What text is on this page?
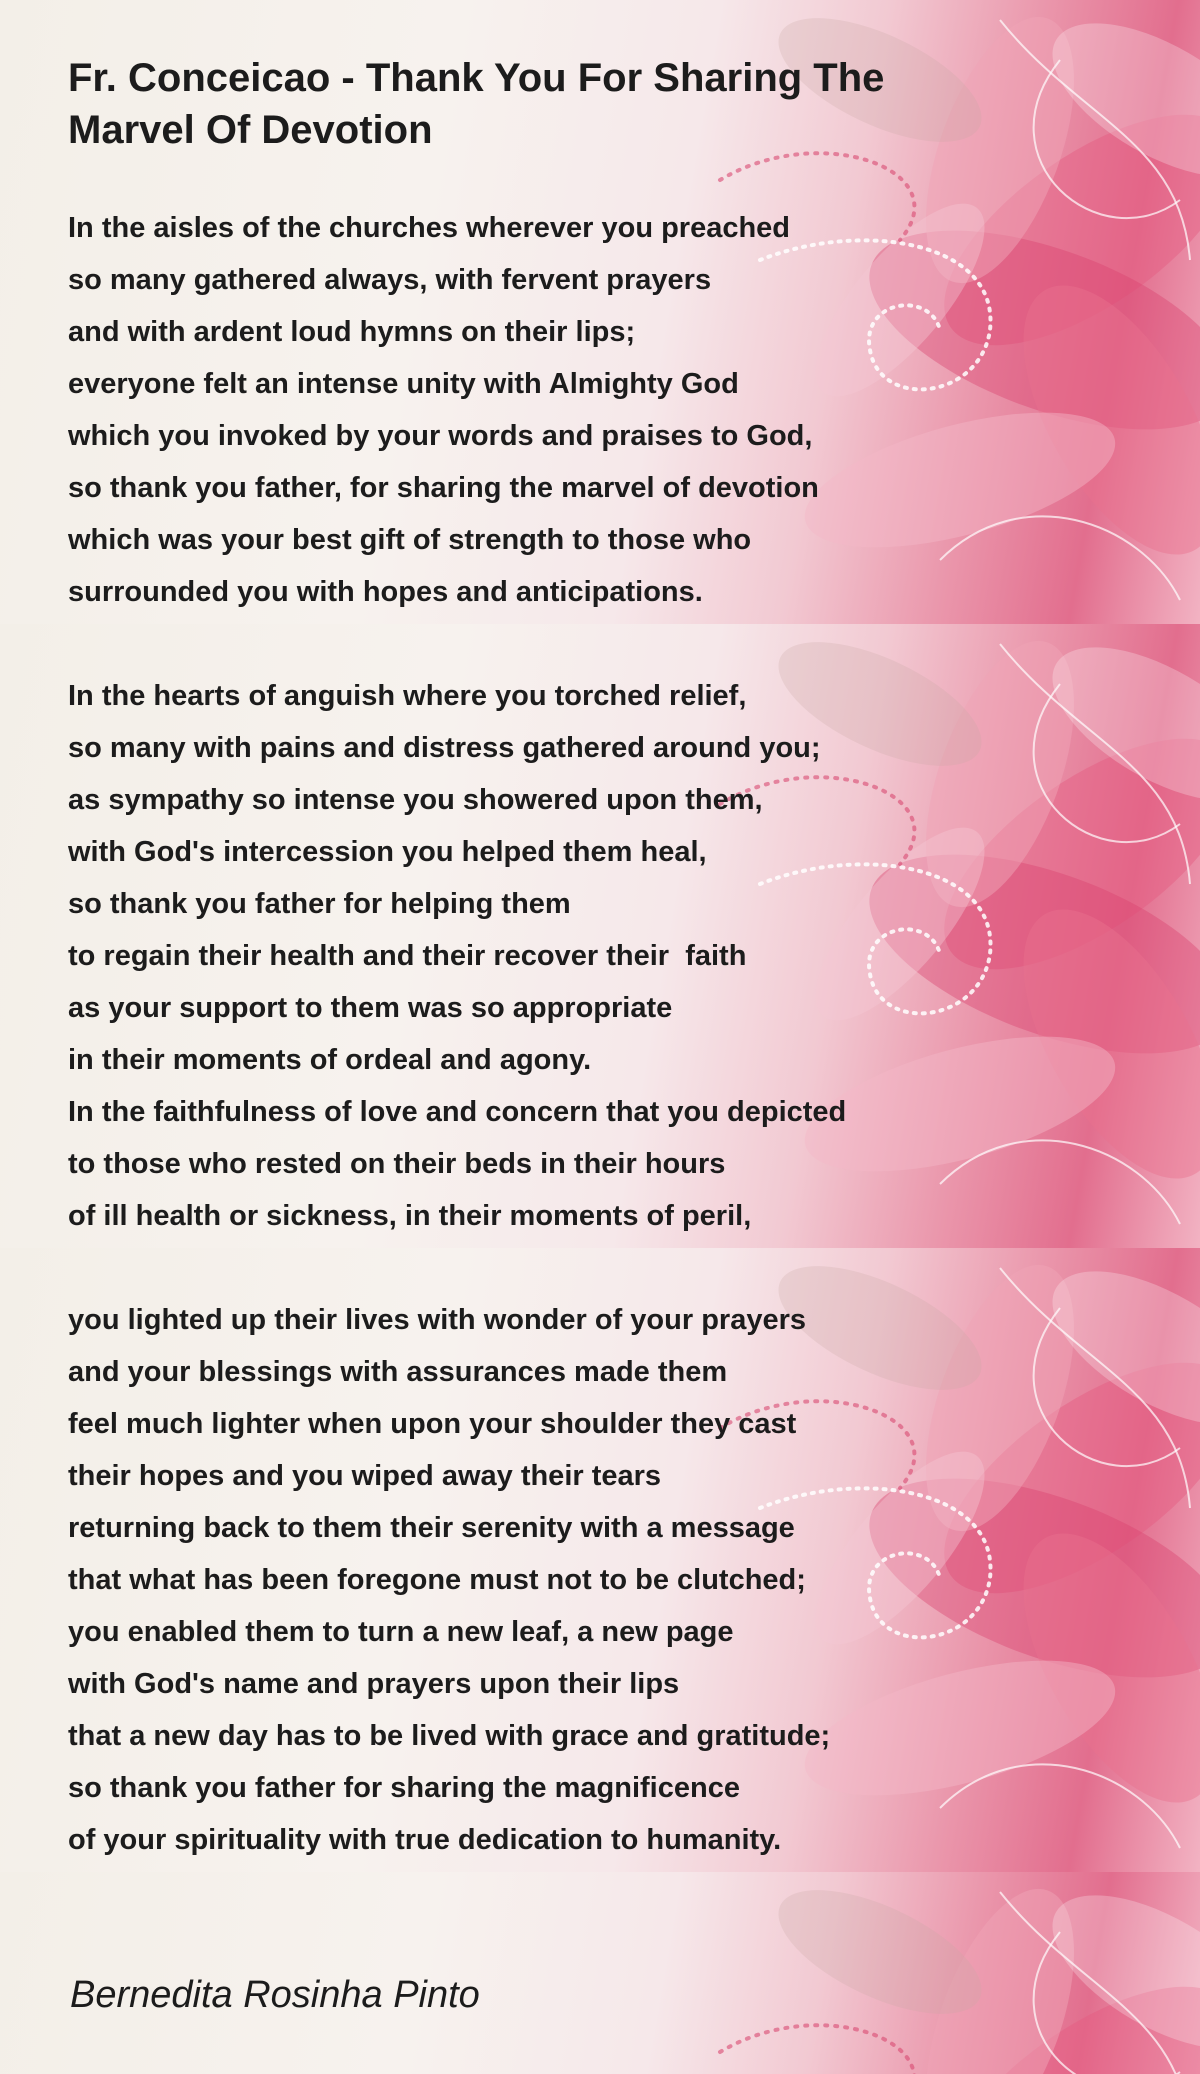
Fr. Conceicao - Thank You For Sharing The
Marvel Of Devotion
In the aisles of the churches wherever you preached
so many gathered always, with fervent prayers
and with ardent loud hymns on their lips;
everyone felt an intense unity with Almighty God
which you invoked by your words and praises to God,
so thank you father, for sharing the marvel of devotion
which was your best gift of strength to those who
surrounded you with hopes and anticipations.
In the hearts of anguish where you torched relief,
so many with pains and distress gathered around you;
as sympathy so intense you showered upon them,
with God's intercession you helped them heal,
so thank you father for helping them
to regain their health and their recover their  faith
as your support to them was so appropriate
in their moments of ordeal and agony.
In the faithfulness of love and concern that you depicted
to those who rested on their beds in their hours
of ill health or sickness, in their moments of peril,
you lighted up their lives with wonder of your prayers
and your blessings with assurances made them
feel much lighter when upon your shoulder they cast
their hopes and you wiped away their tears
returning back to them their serenity with a message
that what has been foregone must not to be clutched;
you enabled them to turn a new leaf, a new page
with God's name and prayers upon their lips
that a new day has to be lived with grace and gratitude;
so thank you father for sharing the magnificence
of your spirituality with true dedication to humanity.
Bernedita Rosinha Pinto
